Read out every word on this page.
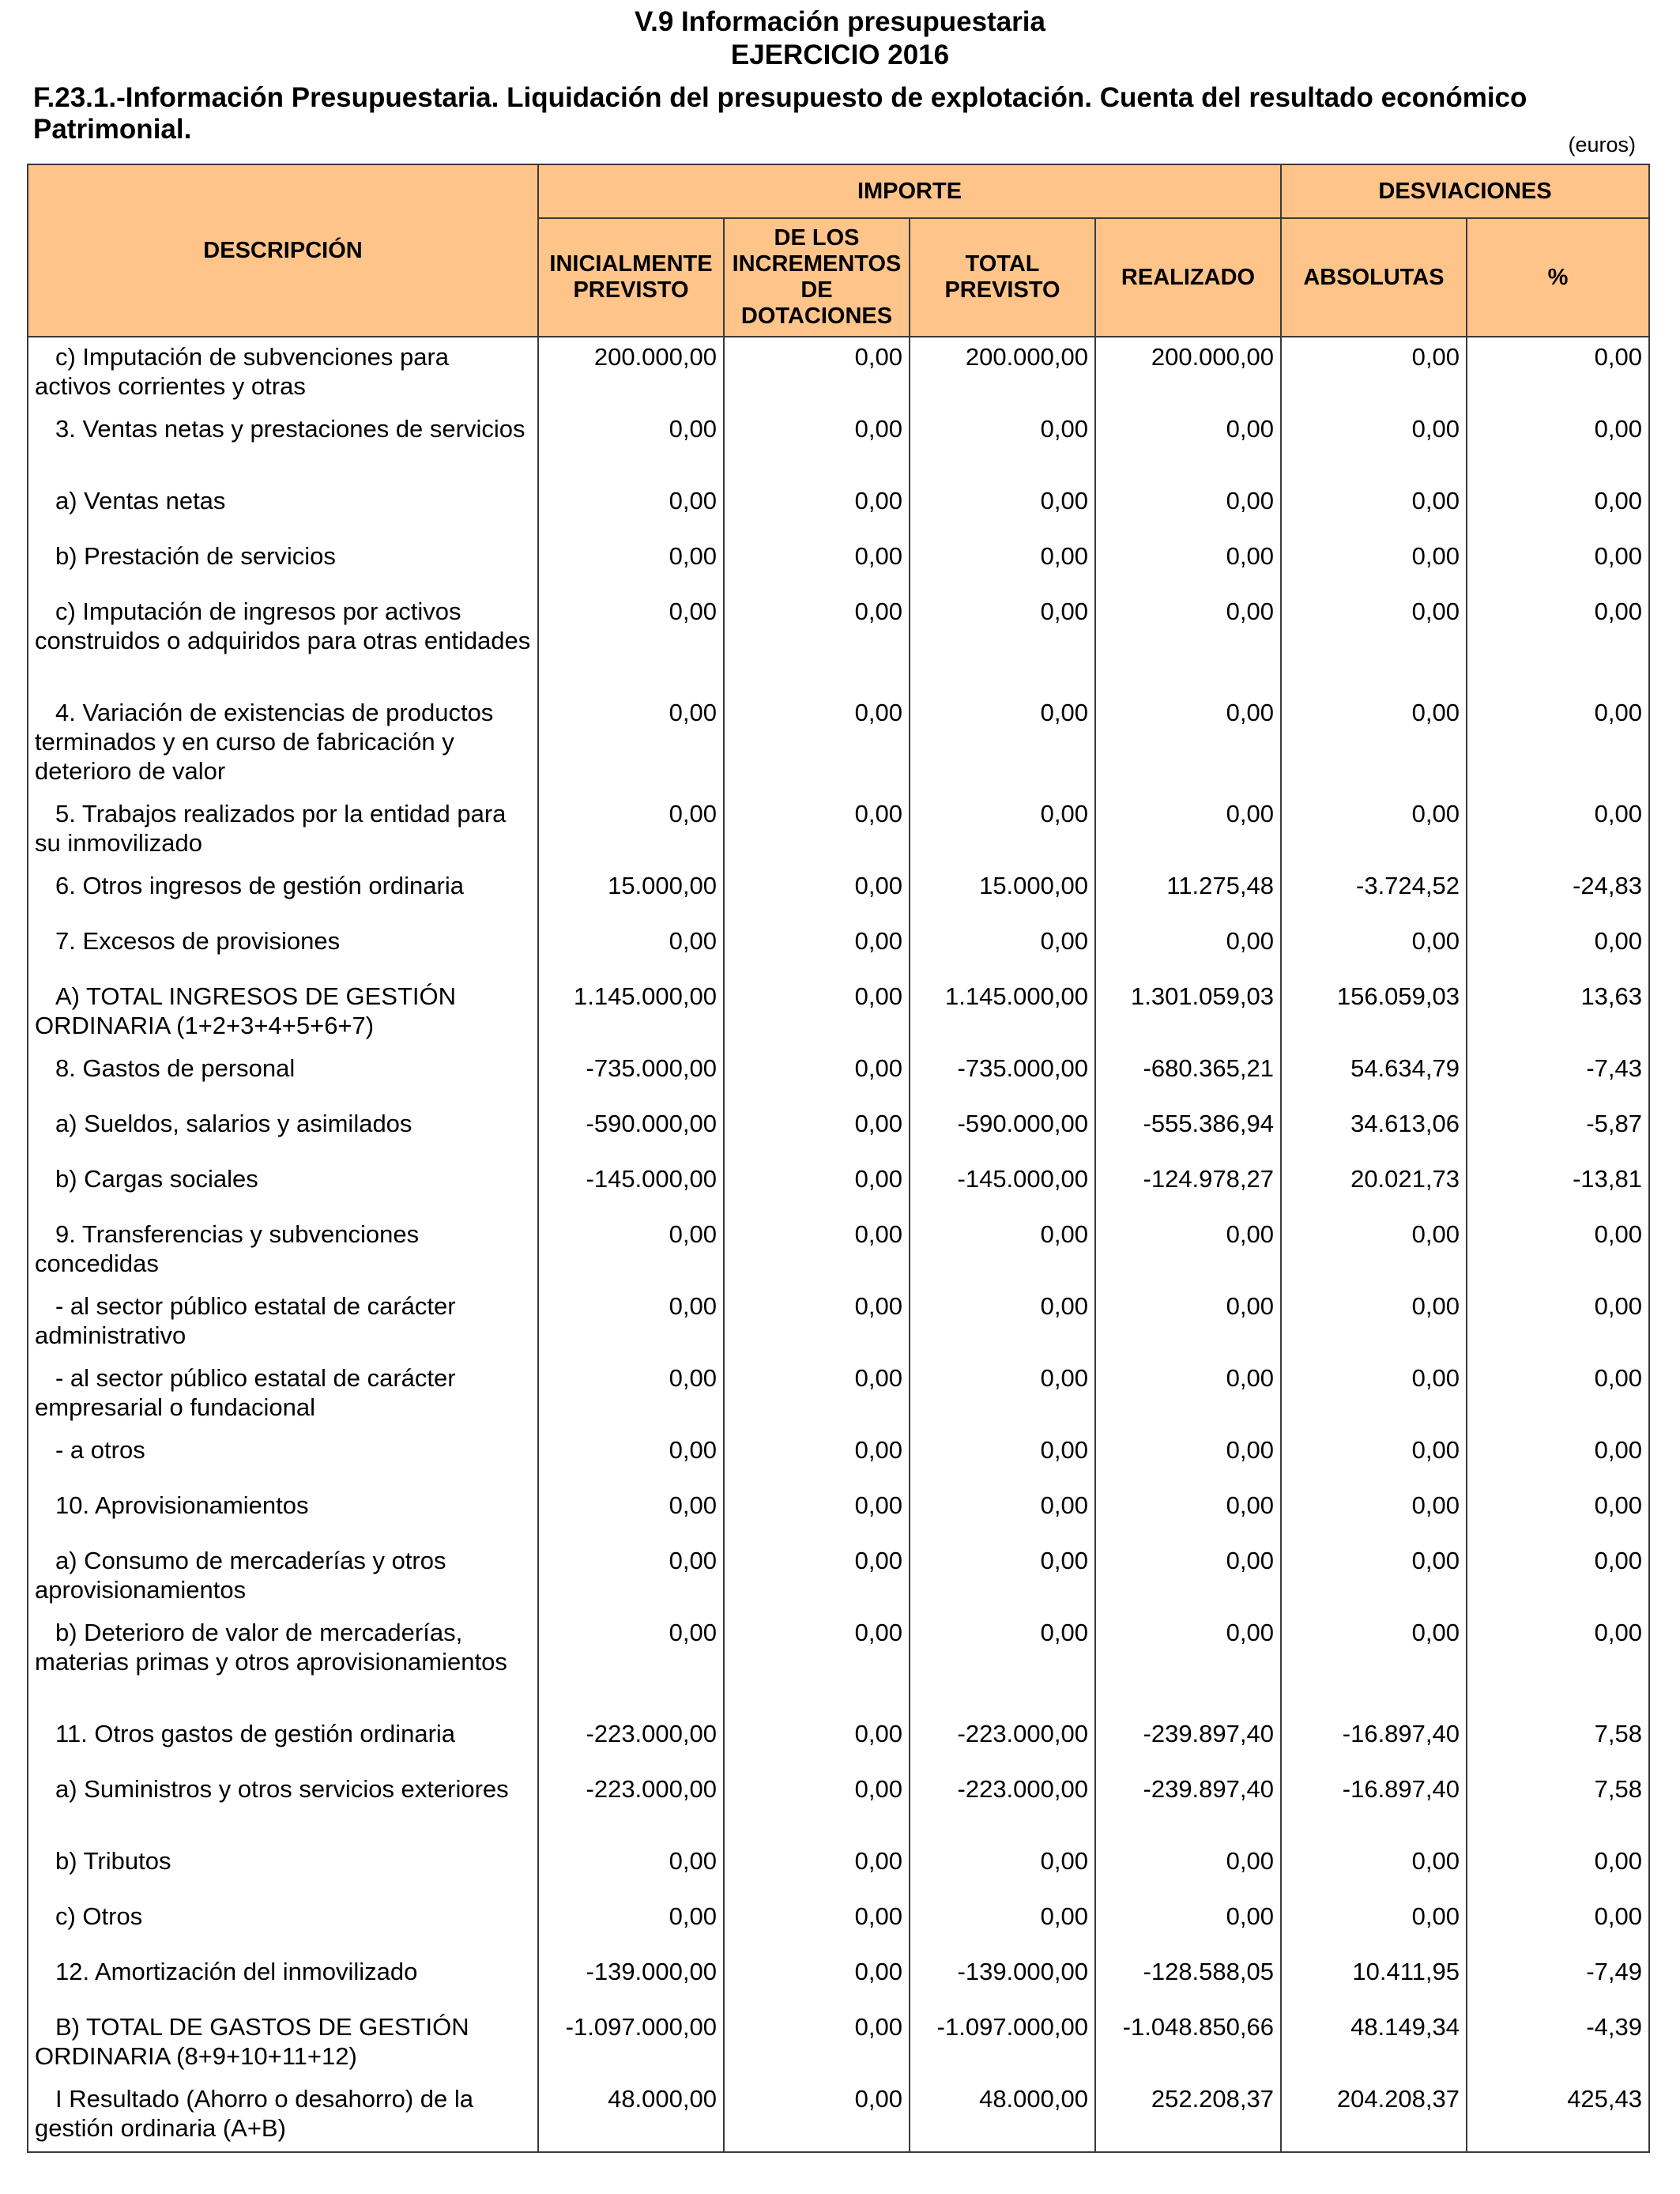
V.9 Información presupuestaria
EJERCICIO 2016
F.23.1.-Información Presupuestaria. Liquidación del presupuesto de explotación. Cuenta del resultado económico Patrimonial.	(euros)
DESCRIPCIÓN	IMPORTE				DESVIACIONES	
	INICIALMENTE PREVISTO	DE LOS INCREMENTOS DE DOTACIONES	TOTAL PREVISTO	REALIZADO	ABSOLUTAS	%

c) Imputación de subvenciones para activos corrientes y otras	200.000,00	0,00	200.000,00	200.000,00	0,00	0,00

3. Ventas netas y prestaciones de servicios	0,00	0,00	0,00	0,00	0,00	0,00

a) Ventas netas	0,00	0,00	0,00	0,00	0,00	0,00

b) Prestación de servicios	0,00	0,00	0,00	0,00	0,00	0,00

c) Imputación de ingresos por activos construidos o adquiridos para otras entidades	0,00	0,00	0,00	0,00	0,00	0,00

4. Variación de existencias de productos terminados y en curso de fabricación y deterioro de valor	0,00	0,00	0,00	0,00	0,00	0,00

5. Trabajos realizados por la entidad para su inmovilizado	0,00	0,00	0,00	0,00	0,00	0,00

6. Otros ingresos de gestión ordinaria	15.000,00	0,00	15.000,00	11.275,48	-3.724,52	-24,83

7. Excesos de provisiones	0,00	0,00	0,00	0,00	0,00	0,00

A) TOTAL INGRESOS DE GESTIÓN ORDINARIA (1+2+3+4+5+6+7)	1.145.000,00	0,00	1.145.000,00	1.301.059,03	156.059,03	13,63

8. Gastos de personal	-735.000,00	0,00	-735.000,00	-680.365,21	54.634,79	-7,43

a) Sueldos, salarios y asimilados	-590.000,00	0,00	-590.000,00	-555.386,94	34.613,06	-5,87

b) Cargas sociales	-145.000,00	0,00	-145.000,00	-124.978,27	20.021,73	-13,81

9. Transferencias y subvenciones concedidas	0,00	0,00	0,00	0,00	0,00	0,00

- al sector público estatal de carácter administrativo	0,00	0,00	0,00	0,00	0,00	0,00

- al sector público estatal de carácter empresarial o fundacional	0,00	0,00	0,00	0,00	0,00	0,00

- a otros	0,00	0,00	0,00	0,00	0,00	0,00

10. Aprovisionamientos	0,00	0,00	0,00	0,00	0,00	0,00

a) Consumo de mercaderías y otros aprovisionamientos	0,00	0,00	0,00	0,00	0,00	0,00

b) Deterioro de valor de mercaderías, materias primas y otros aprovisionamientos	0,00	0,00	0,00	0,00	0,00	0,00

11. Otros gastos de gestión ordinaria	-223.000,00	0,00	-223.000,00	-239.897,40	-16.897,40	7,58

a) Suministros y otros servicios exteriores	-223.000,00	0,00	-223.000,00	-239.897,40	-16.897,40	7,58

b) Tributos	0,00	0,00	0,00	0,00	0,00	0,00

c) Otros	0,00	0,00	0,00	0,00	0,00	0,00

12. Amortización del inmovilizado	-139.000,00	0,00	-139.000,00	-128.588,05	10.411,95	-7,49

B) TOTAL DE GASTOS DE GESTIÓN ORDINARIA (8+9+10+11+12)	-1.097.000,00	0,00	-1.097.000,00	-1.048.850,66	48.149,34	-4,39

I Resultado (Ahorro o desahorro) de la gestión ordinaria (A+B)	48.000,00	0,00	48.000,00	252.208,37	204.208,37	425,43
